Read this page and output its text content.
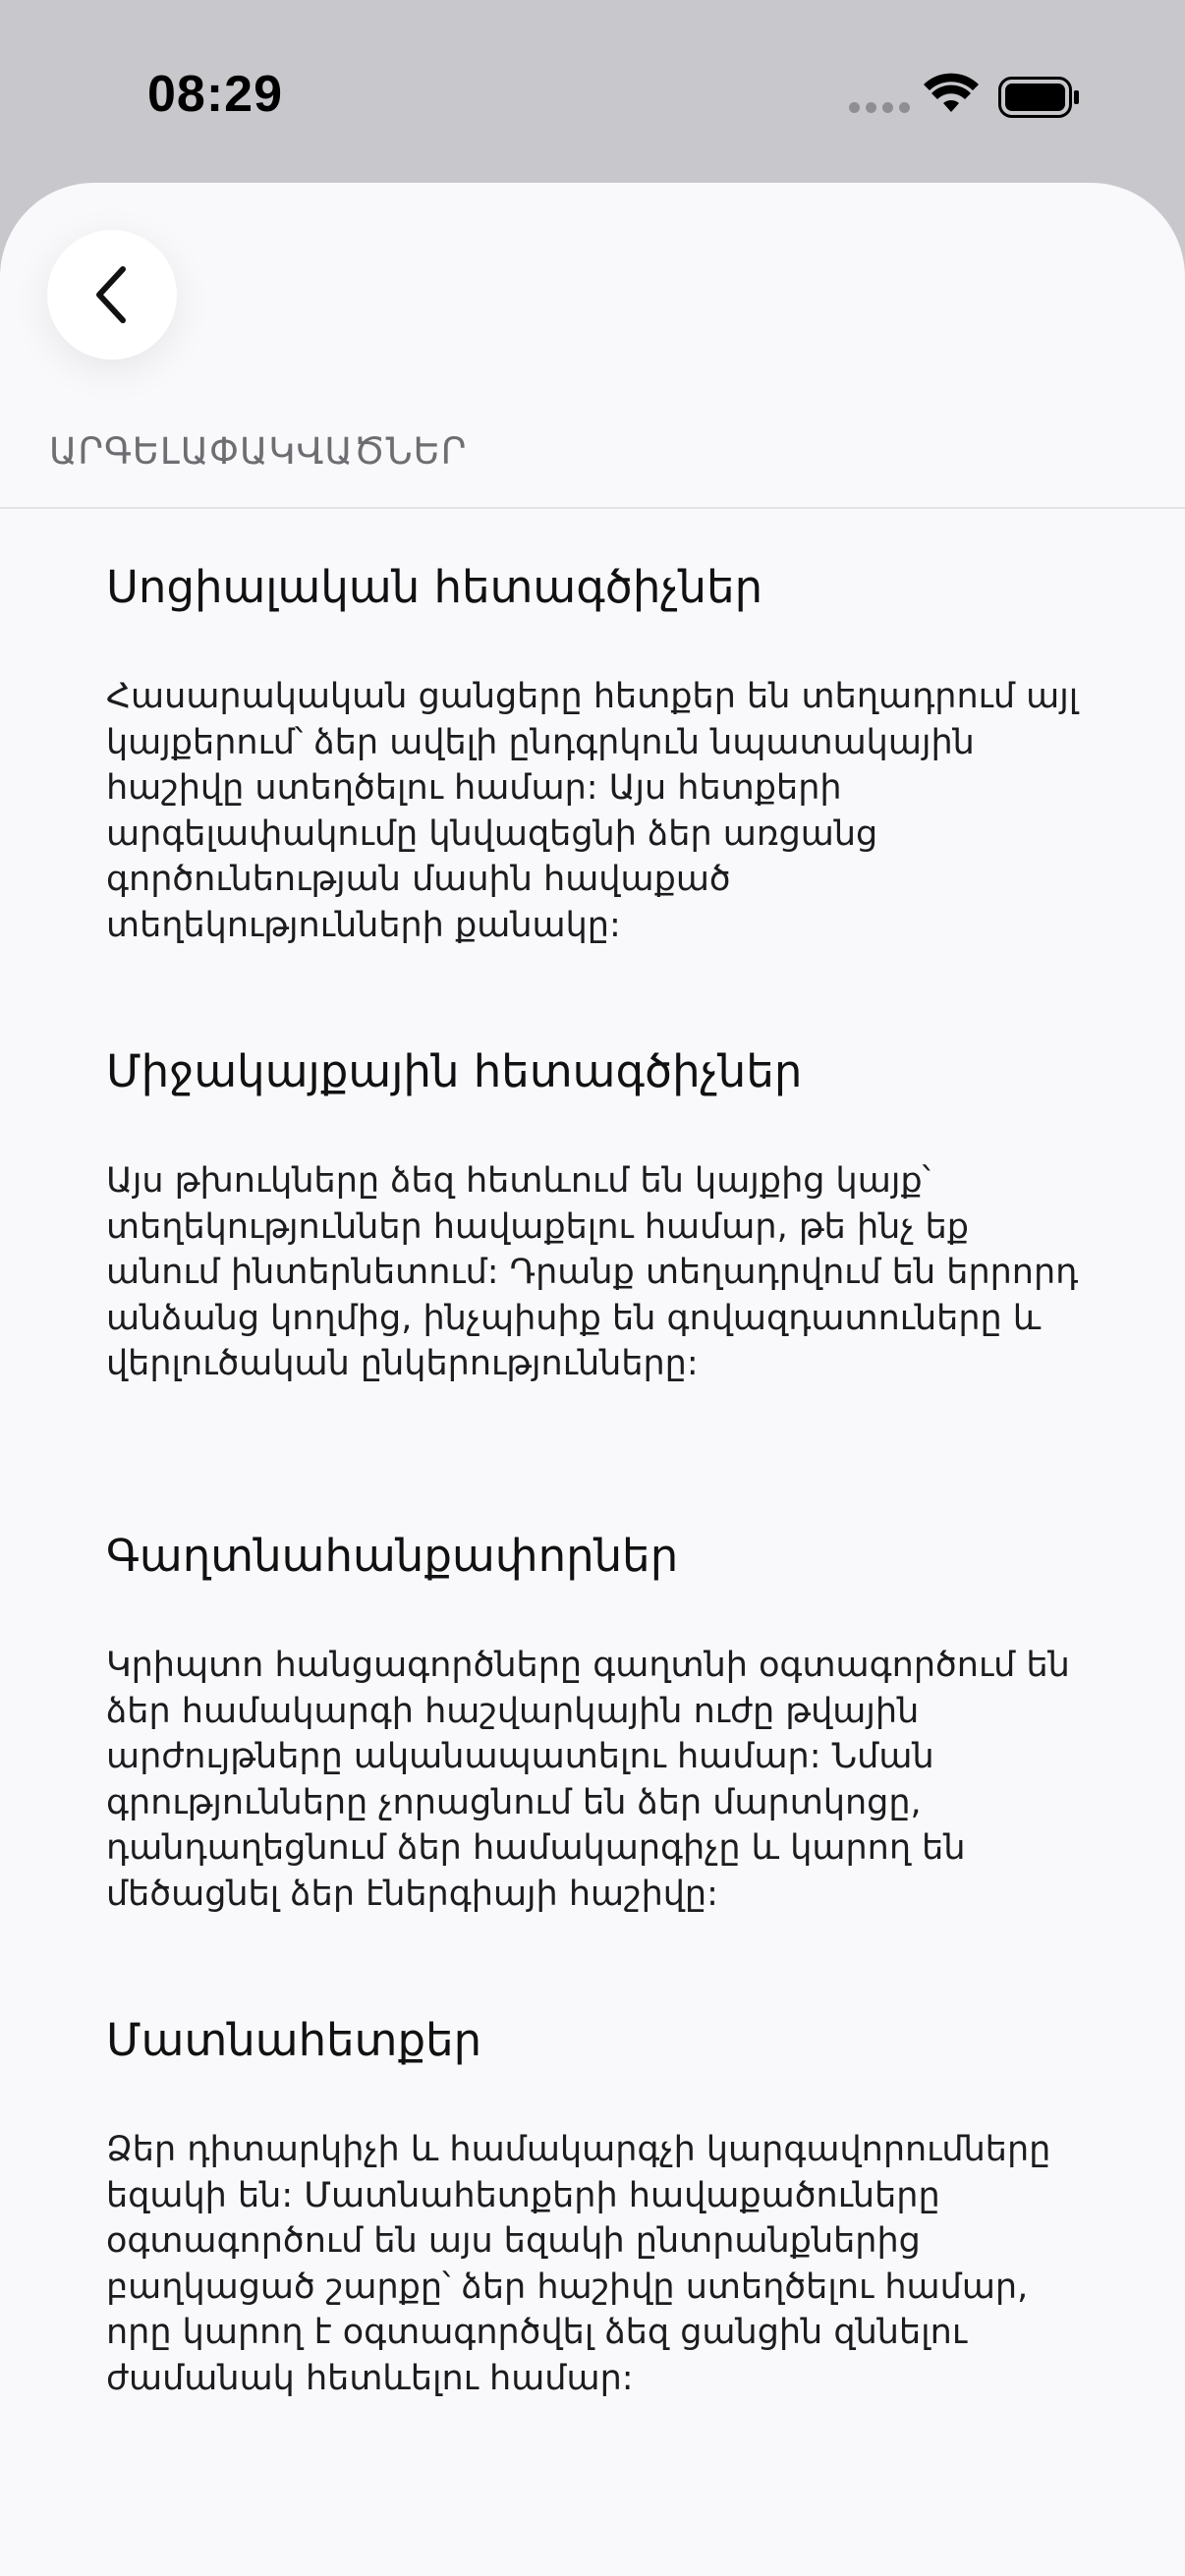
08:29
ԱՐԳԵԼԱՓԱԿՎԱԾՆԵՐ
Սոցիալական հետագծիչներ

Հասարակական ցանցերը հետքեր են տեղադրում այլ կայքերում՝ ձեր ավելի ընդգրկուն նպատակային հաշիվը ստեղծելու համար: Այս հետքերի արգելափակումը կնվազեցնի ձեր առցանց գործունեության մասին հավաքած տեղեկությունների քանակը:

Միջակայքային հետագծիչներ

Այս թխուկները ձեզ հետևում են կայքից կայք՝ տեղեկություններ հավաքելու համար, թե ինչ եք անում ինտերնետում: Դրանք տեղադրվում են երրորդ անձանց կողմից, ինչպիսիք են գովազդատուները և վերլուծական ընկերությունները:

Գաղտնահանքափորներ

Կրիպտո հանցագործները գաղտնի օգտագործում են ձեր համակարգի հաշվարկային ուժը թվային արժույթները ականապատելու համար: Նման գրությունները չորացնում են ձեր մարտկոցը, դանդաղեցնում ձեր համակարգիչը և կարող են մեծացնել ձեր էներգիայի հաշիվը:

Մատնահետքեր

Ձեր դիտարկիչի և համակարգչի կարգավորումները եզակի են: Մատնահետքերի հավաքածուները օգտագործում են այս եզակի ընտրանքներից բաղկացած շարքը՝ ձեր հաշիվը ստեղծելու համար, որը կարող է օգտագործվել ձեզ ցանցին զննելու ժամանակ հետևելու համար:
